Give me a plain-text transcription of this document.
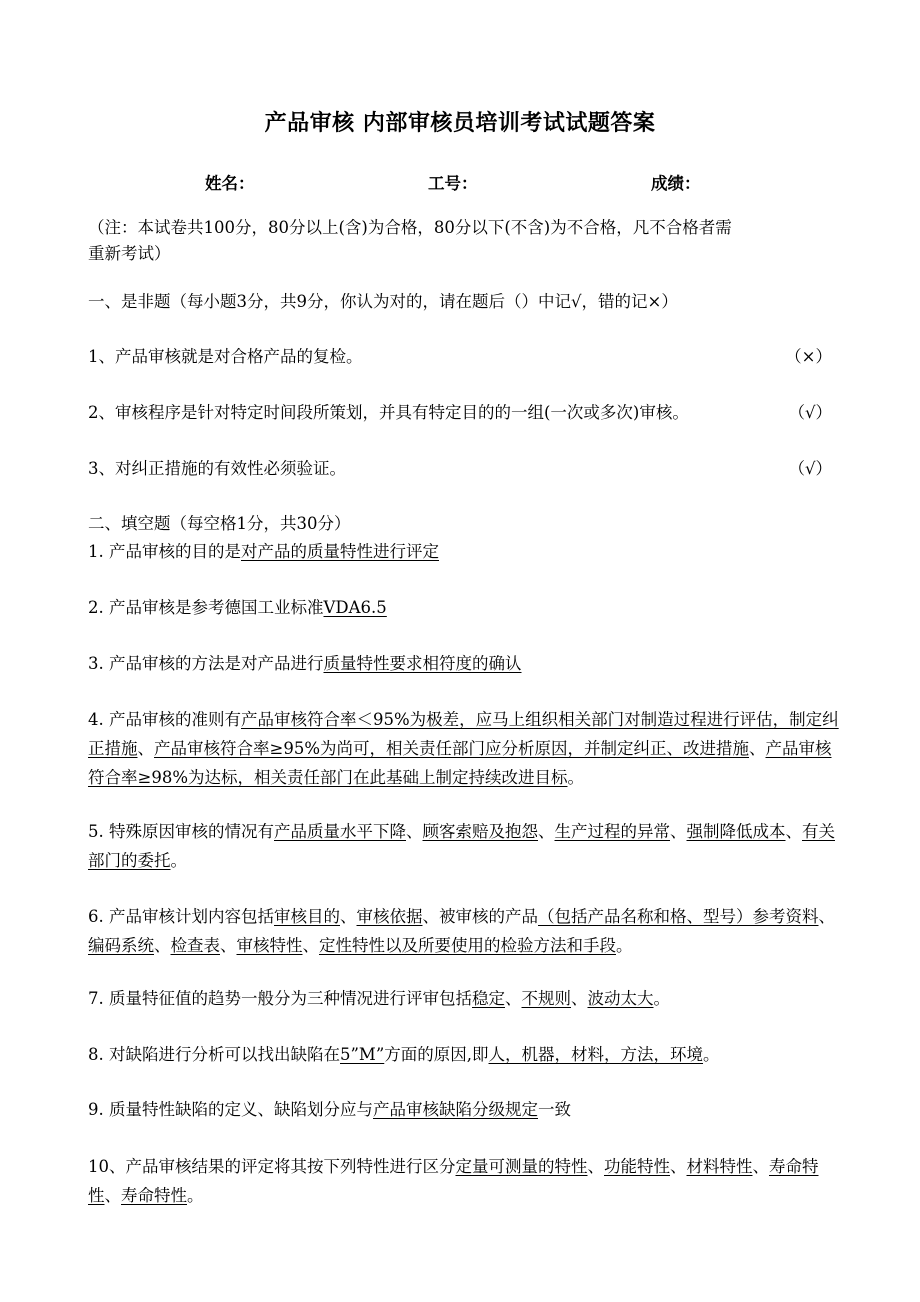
产品审核 内部审核员培训考试试题答案
姓名：	工号：	成绩：
（注：本试卷共100分，80分以上(含)为合格，80分以下(不含)为不合格，凡不合格者需
重新考试）
一、是非题（每小题3分，共9分，你认为对的，请在题后（）中记√，错的记×）
1、产品审核就是对合格产品的复检。	（×）
2、审核程序是针对特定时间段所策划，并具有特定目的的一组(一次或多次)审核。	（√）
3、对纠正措施的有效性必须验证。	（√）
二、填空题（每空格1分，共30分）
1. 产品审核的目的是对产品的质量特性进行评定
2. 产品审核是参考德国工业标准VDA6.5
3. 产品审核的方法是对产品进行质量特性要求相符度的确认
4. 产品审核的准则有产品审核符合率＜95%为极差，应马上组织相关部门对制造过程进行评估，制定纠正措施、产品审核符合率≥95%为尚可，相关责任部门应分析原因，并制定纠正、改进措施、产品审核符合率≥98%为达标，相关责任部门在此基础上制定持续改进目标。
5. 特殊原因审核的情况有产品质量水平下降、顾客索赔及抱怨、生产过程的异常、强制降低成本、有关部门的委托。
6. 产品审核计划内容包括审核目的、审核依据、被审核的产品（包括产品名称和格、型号）参考资料、编码系统、检查表、审核特性、定性特性以及所要使用的检验方法和手段。
7. 质量特征值的趋势一般分为三种情况进行评审包括稳定、不规则、波动太大。
8. 对缺陷进行分析可以找出缺陷在5”M”方面的原因,即人，机器，材料，方法，环境。
9. 质量特性缺陷的定义、缺陷划分应与产品审核缺陷分级规定一致
10、产品审核结果的评定将其按下列特性进行区分定量可测量的特性、功能特性、材料特性、寿命特性、寿命特性。
